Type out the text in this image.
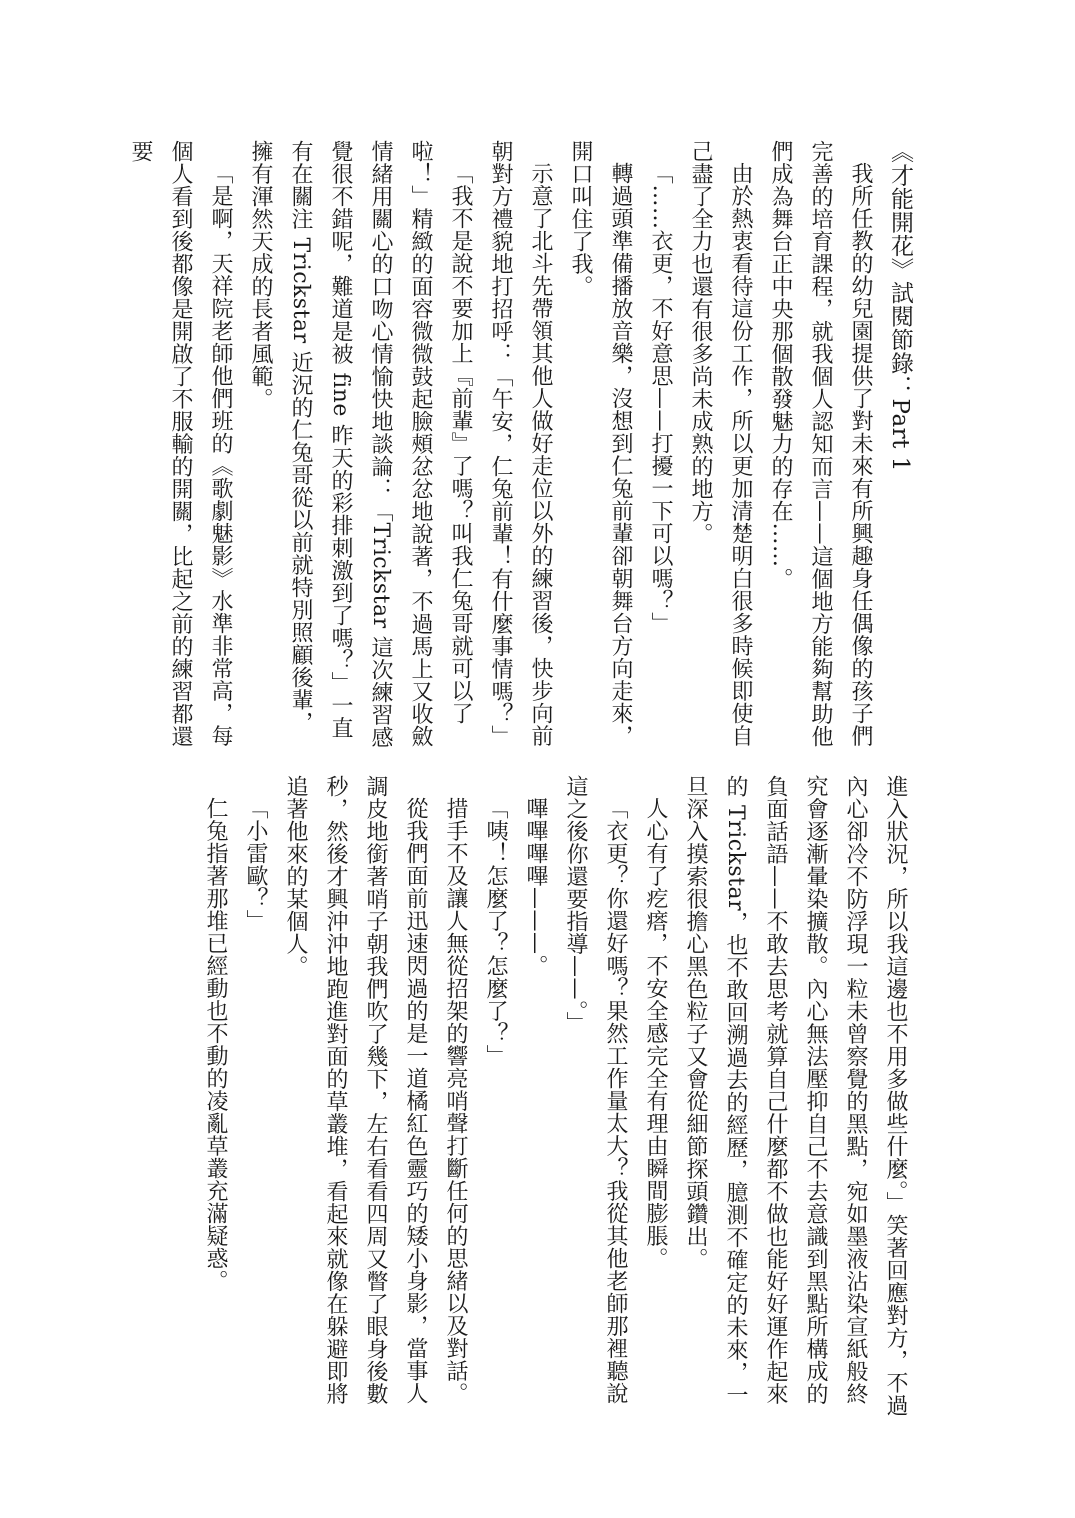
《才能開花》試閱節錄：Part 1

我所任教的幼兒園提供了對未來有所興趣身任偶像的孩子們完善的培育課程，就我個人認知而言——這個地方能夠幫助他們成為舞台正中央那個散發魅力的存在……。

由於熱衷看待這份工作，所以更加清楚明白很多時候即使自己盡了全力也還有很多尚未成熟的地方。

「……衣更，不好意思——打擾一下可以嗎？」

轉過頭準備播放音樂，沒想到仁兔前輩卻朝舞台方向走來，開口叫住了我。

示意了北斗先帶領其他人做好走位以外的練習後，快步向前朝對方禮貌地打招呼：「午安，仁兔前輩！有什麼事情嗎？」

「我不是說不要加上『前輩』了嗎？叫我仁兔哥就可以了啦！」精緻的面容微微鼓起臉頰忿忿地說著，不過馬上又收斂情緒用關心的口吻心情愉快地談論：「Trickstar 這次練習感覺很不錯呢，難道是被 fine 昨天的彩排刺激到了嗎？」一直有在關注 Trickstar 近況的仁兔哥從以前就特別照顧後輩，擁有渾然天成的長者風範。

「是啊，天祥院老師他們班的《歌劇魅影》水準非常高，每個人看到後都像是開啟了不服輸的開關，比起之前的練習都還要

進入狀況，所以我這邊也不用多做些什麼。」笑著回應對方，不過內心卻冷不防浮現一粒未曾察覺的黑點，宛如墨液沾染宣紙般終究會逐漸暈染擴散。內心無法壓抑自己不去意識到黑點所構成的負面話語——不敢去思考就算自己什麼都不做也能好好運作起來的 Trickstar，也不敢回溯過去的經歷，臆測不確定的未來，一旦深入摸索很擔心黑色粒子又會從細節探頭鑽出。

人心有了疙瘩，不安全感完全有理由瞬間膨脹。

「衣更？你還好嗎？果然工作量太大？我從其他老師那裡聽說這之後你還要指導——。」

嗶嗶嗶嗶———。

「咦！怎麼了？怎麼了？」

措手不及讓人無從招架的響亮哨聲打斷任何的思緒以及對話。

從我們面前迅速閃過的是一道橘紅色靈巧的矮小身影，當事人調皮地銜著哨子朝我們吹了幾下，左右看看四周又瞥了眼身後數秒，然後才興沖沖地跑進對面的草叢堆，看起來就像在躲避即將追著他來的某個人。

「小雷歐？」

仁兔指著那堆已經動也不動的凌亂草叢充滿疑惑。
